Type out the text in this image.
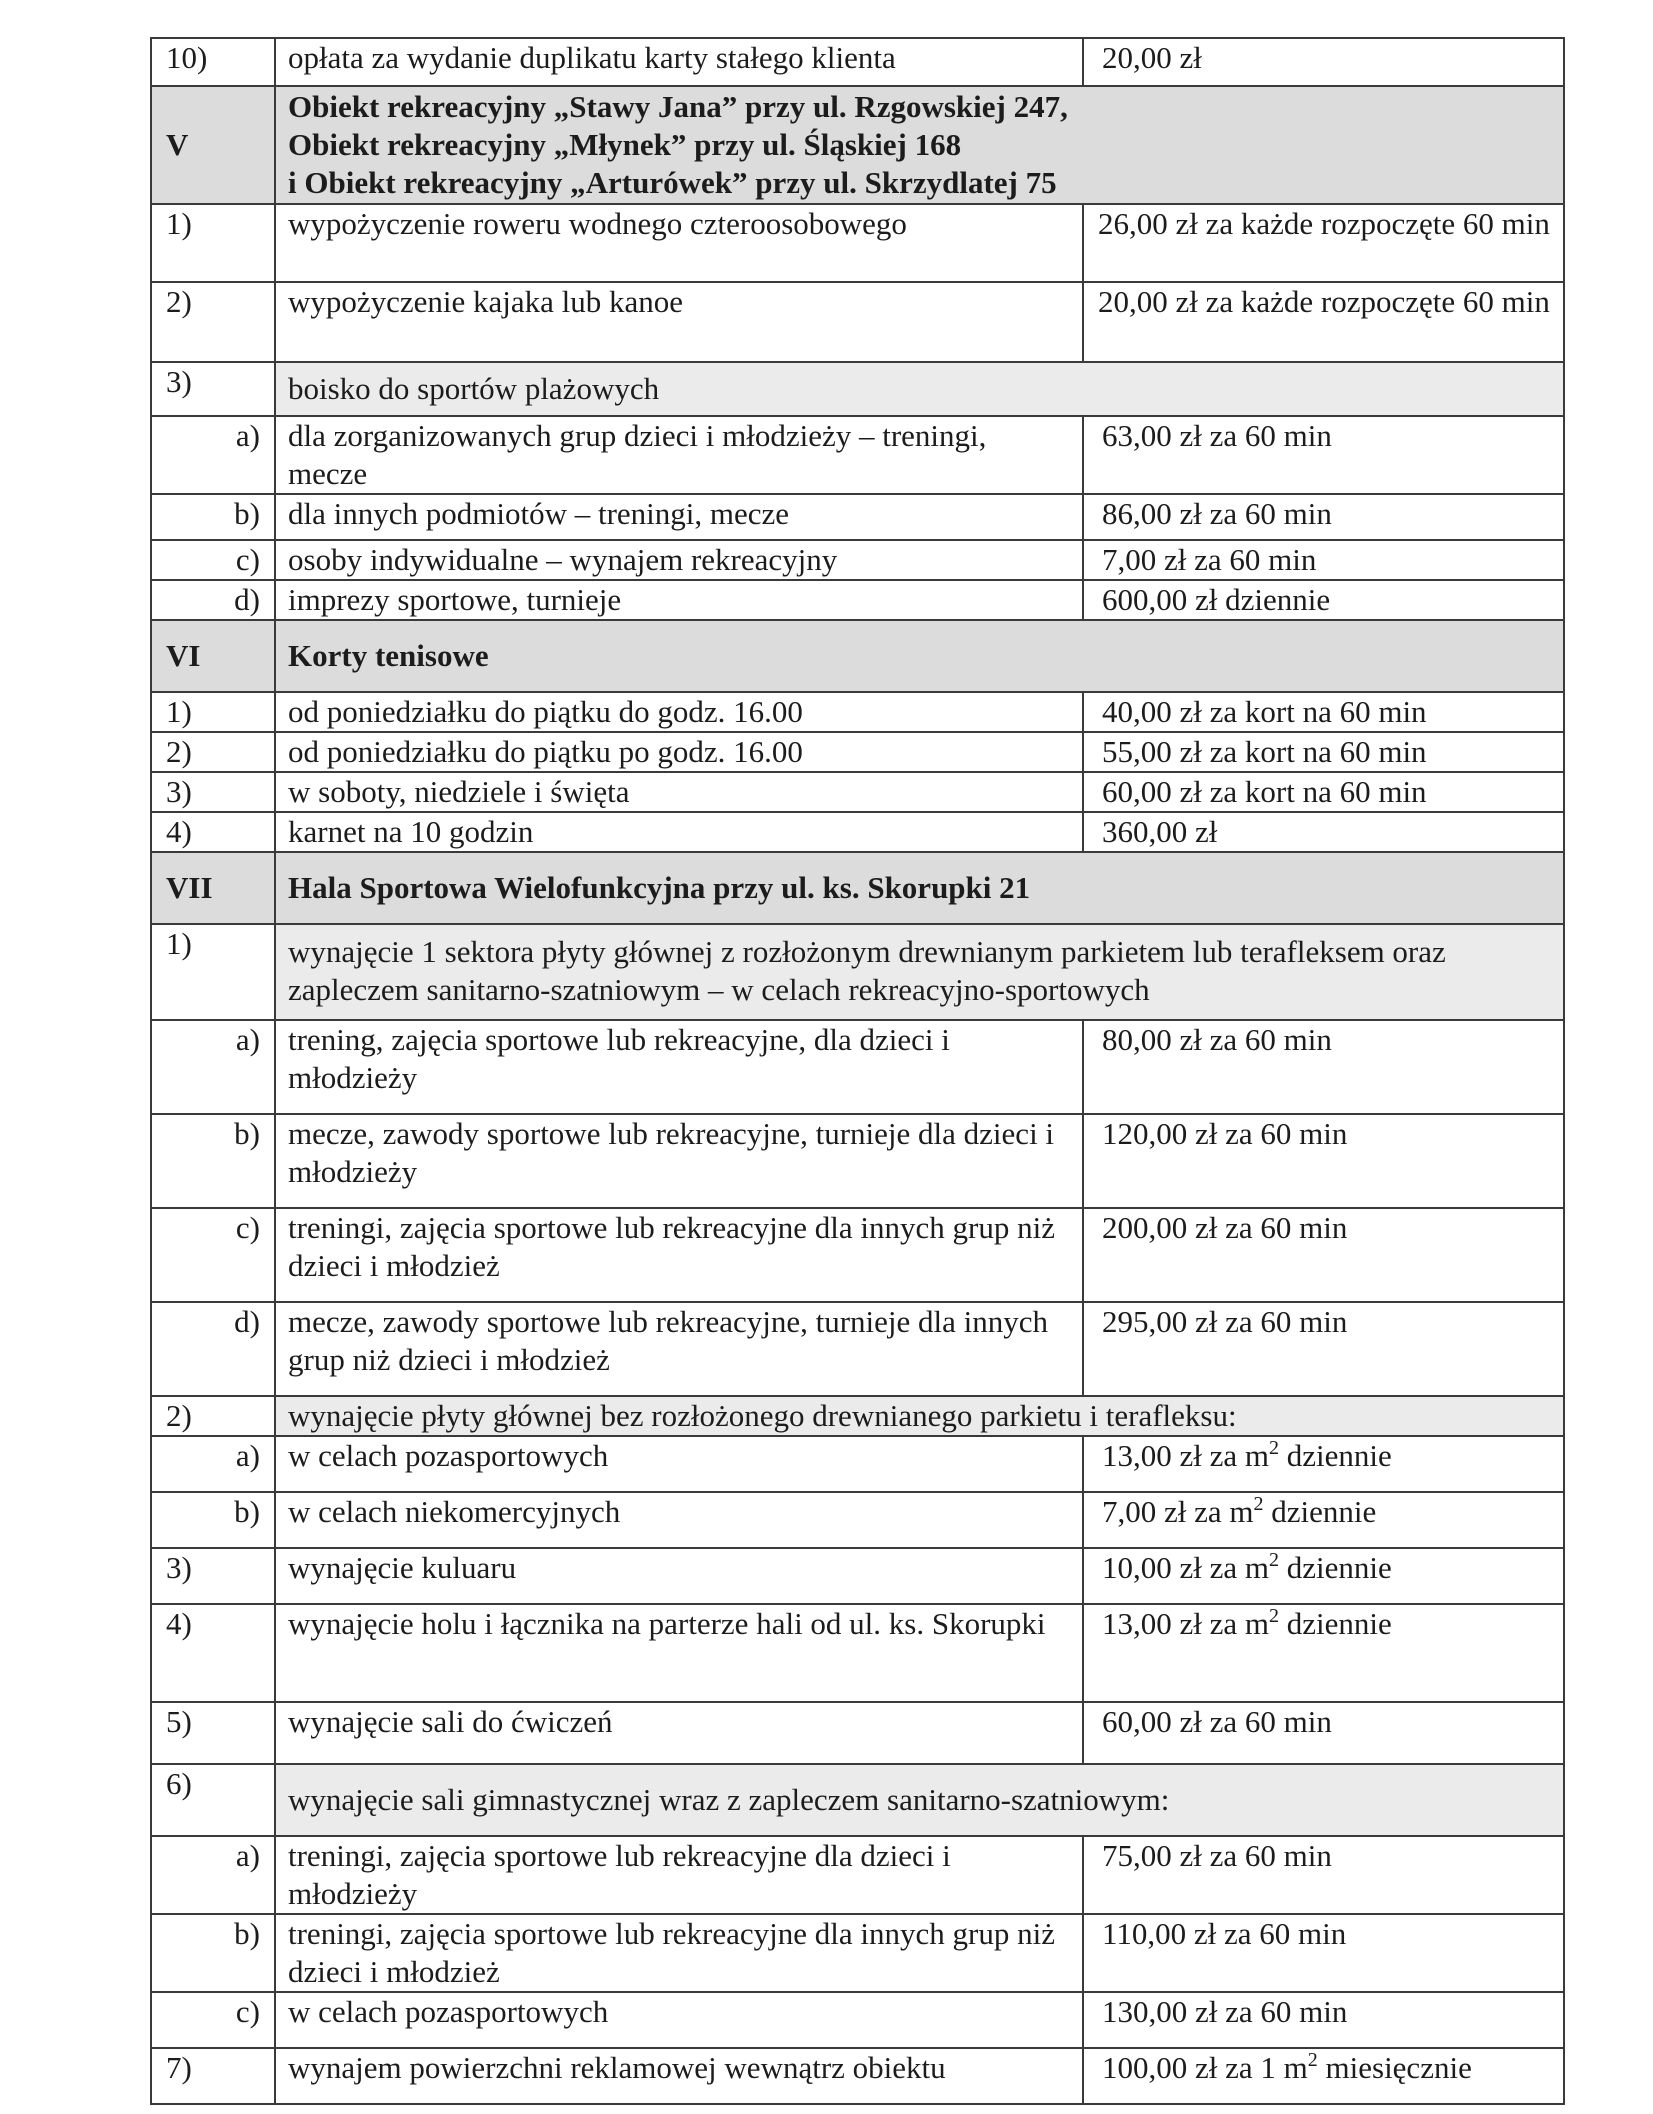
10)	opłata za wydanie duplikatu karty stałego klienta	20,00 zł
V	Obiekt rekreacyjny „Stawy Jana” przy ul. Rzgowskiej 247,
Obiekt rekreacyjny „Młynek” przy ul. Śląskiej 168
i Obiekt rekreacyjny „Arturówek” przy ul. Skrzydlatej 75	

1)	wypożyczenie roweru wodnego czteroosobowego	26,00 zł za każde rozpoczęte 60 min
2)	wypożyczenie kajaka lub kanoe	20,00 zł za każde rozpoczęte 60 min
3)	boisko do sportów plażowych	
a)	dla zorganizowanych grup dzieci i młodzieży – treningi, mecze	63,00 zł za 60 min
b)	dla innych podmiotów – treningi, mecze	86,00 zł za 60 min
c)	osoby indywidualne – wynajem rekreacyjny	7,00 zł za 60 min
d)	imprezy sportowe, turnieje	600,00 zł dziennie
VI	Korty tenisowe	

1)	od poniedziałku do piątku do godz. 16.00	40,00 zł za kort na 60 min
2)	od poniedziałku do piątku po godz. 16.00	55,00 zł za kort na 60 min
3)	w soboty, niedziele i święta	60,00 zł za kort na 60 min
4)	karnet na 10 godzin	360,00 zł
VII	Hala Sportowa Wielofunkcyjna przy ul. ks. Skorupki 21	

1)	wynajęcie 1 sektora płyty głównej z rozłożonym drewnianym parkietem lub terafleksem oraz zapleczem sanitarno-szatniowym – w celach rekreacyjno-sportowych	
a)	trening, zajęcia sportowe lub rekreacyjne, dla dzieci i młodzieży	80,00 zł za 60 min
b)	mecze, zawody sportowe lub rekreacyjne, turnieje dla dzieci i młodzieży	120,00 zł za 60 min
c)	treningi, zajęcia sportowe lub rekreacyjne dla innych grup niż dzieci i młodzież	200,00 zł za 60 min
d)	mecze, zawody sportowe lub rekreacyjne, turnieje dla innych grup niż dzieci i młodzież	295,00 zł za 60 min
2)	wynajęcie płyty głównej bez rozłożonego drewnianego parkietu i terafleksu:	
a)	w celach pozasportowych	13,00 zł za $m^2$ dziennie
b)	w celach niekomercyjnych	7,00 zł za $m^2$ dziennie
3)	wynajęcie kuluaru	10,00 zł za $m^2$ dziennie
4)	wynajęcie holu i łącznika na parterze hali od ul. ks. Skorupki	13,00 zł za $m^2$ dziennie
5)	wynajęcie sali do ćwiczeń	60,00 zł za 60 min
6)	wynajęcie sali gimnastycznej wraz z zapleczem sanitarno-szatniowym:	
a)	treningi, zajęcia sportowe lub rekreacyjne dla dzieci i młodzieży	75,00 zł za 60 min
b)	treningi, zajęcia sportowe lub rekreacyjne dla innych grup niż dzieci i młodzież	110,00 zł za 60 min
c)	w celach pozasportowych	130,00 zł za 60 min
7)	wynajem powierzchni reklamowej wewnątrz obiektu	100,00 zł za 1 $m^2$ miesięcznie
